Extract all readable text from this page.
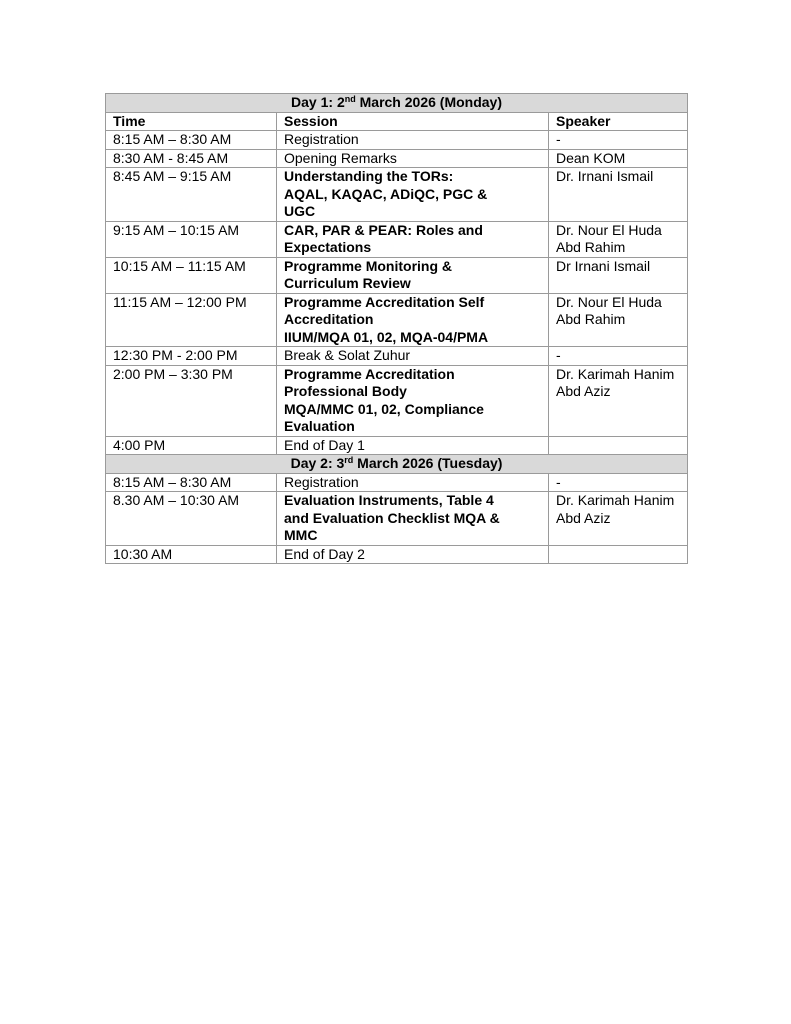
Day 1: 2nd March 2026 (Monday)		
Time	Session	Speaker
8:15 AM – 8:30 AM	Registration	-
8:30 AM - 8:45 AM	Opening Remarks	Dean KOM
8:45 AM – 9:15 AM	Understanding the TORs:
AQAL, KAQAC, ADiQC, PGC &
UGC	Dr. Irnani Ismail
9:15 AM – 10:15 AM	CAR, PAR & PEAR: Roles and
Expectations	Dr. Nour El Huda Abd Rahim
10:15 AM – 11:15 AM	Programme Monitoring &
Curriculum Review	Dr Irnani Ismail
11:15 AM – 12:00 PM	Programme Accreditation Self
Accreditation
IIUM/MQA 01, 02, MQA-04/PMA	Dr. Nour El Huda Abd Rahim
12:30 PM - 2:00 PM	Break & Solat Zuhur	-
2:00 PM – 3:30 PM	Programme Accreditation
Professional Body
MQA/MMC 01, 02, Compliance
Evaluation	Dr. Karimah Hanim Abd Aziz
4:00 PM	End of Day 1	

Day 2: 3rd March 2026 (Tuesday)		
8:15 AM – 8:30 AM	Registration	-
8.30 AM – 10:30 AM	Evaluation Instruments, Table 4
and Evaluation Checklist MQA &
MMC	Dr. Karimah Hanim Abd Aziz
10:30 AM	End of Day 2	
